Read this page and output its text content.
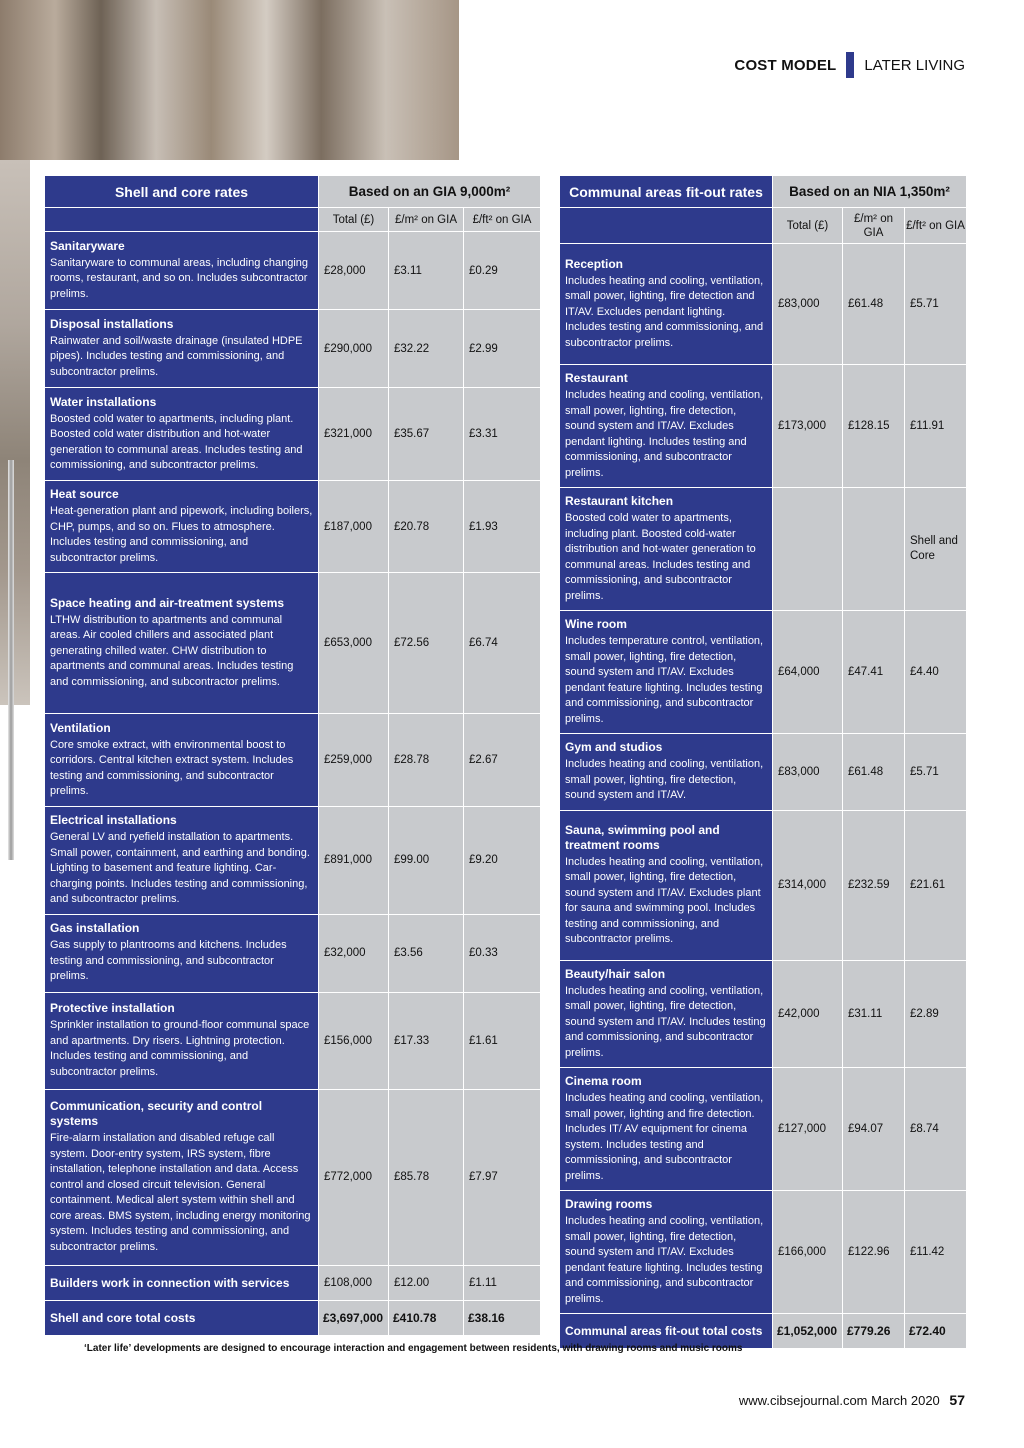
COST MODEL LATER LIVING
Shell and core rates	Based on an GIA 9,000m²		
	Total (£)	£/m² on GIA	£/ft² on GIA

Sanitaryware
Sanitaryware to communal areas, including changing rooms, restaurant, and so on. Includes subcontractor prelims.	£28,000	£3.11	£0.29

Disposal installations
Rainwater and soil/waste drainage (insulated HDPE pipes). Includes testing and commissioning, and subcontractor prelims.	£290,000	£32.22	£2.99

Water installations
Boosted cold water to apartments, including plant. Boosted cold water distribution and hot-water generation to communal areas. Includes testing and commissioning, and subcontractor prelims.	£321,000	£35.67	£3.31

Heat source
Heat-generation plant and pipework, including boilers, CHP, pumps, and so on. Flues to atmosphere. Includes testing and commissioning, and subcontractor prelims.	£187,000	£20.78	£1.93

Space heating and air-treatment systems
LTHW distribution to apartments and communal areas. Air cooled chillers and associated plant generating chilled water. CHW distribution to apartments and communal areas. Includes testing and commissioning, and subcontractor prelims.	£653,000	£72.56	£6.74

Ventilation
Core smoke extract, with environmental boost to corridors. Central kitchen extract system. Includes testing and commissioning, and subcontractor prelims.	£259,000	£28.78	£2.67

Electrical installations
General LV and ryefield installation to apartments. Small power, containment, and earthing and bonding. Lighting to basement and feature lighting. Car-charging points. Includes testing and commissioning, and subcontractor prelims.	£891,000	£99.00	£9.20

Gas installation
Gas supply to plantrooms and kitchens. Includes testing and commissioning, and subcontractor prelims.	£32,000	£3.56	£0.33

Protective installation
Sprinkler installation to ground-floor communal space and apartments. Dry risers. Lightning protection. Includes testing and commissioning, and subcontractor prelims.	£156,000	£17.33	£1.61

Communication, security and control systems
Fire-alarm installation and disabled refuge call system. Door-entry system, IRS system, fibre installation, telephone installation and data. Access control and closed circuit television. General containment. Medical alert system within shell and core areas. BMS system, including energy monitoring system. Includes testing and commissioning, and subcontractor prelims.	£772,000	£85.78	£7.97
Builders work in connection with services	£108,000	£12.00	£1.11
Shell and core total costs	£3,697,000	£410.78	£38.16
Communal areas fit-out rates	Based on an NIA 1,350m²		
	Total (£)	£/m² on GIA	£/ft² on GIA

Reception
Includes heating and cooling, ventilation, small power, lighting, fire detection and IT/AV. Excludes pendant lighting. Includes testing and commissioning, and subcontractor prelims.	£83,000	£61.48	£5.71

Restaurant
Includes heating and cooling, ventilation, small power, lighting, fire detection, sound system and IT/AV. Excludes pendant lighting. Includes testing and commissioning, and subcontractor prelims.	£173,000	£128.15	£11.91

Restaurant kitchen
Boosted cold water to apartments, including plant. Boosted cold-water distribution and hot-water generation to communal areas. Includes testing and commissioning, and subcontractor prelims.			Shell and Core

Wine room
Includes temperature control, ventilation, small power, lighting, fire detection, sound system and IT/AV. Excludes pendant feature lighting. Includes testing and commissioning, and subcontractor prelims.	£64,000	£47.41	£4.40

Gym and studios
Includes heating and cooling, ventilation, small power, lighting, fire detection, sound system and IT/AV.	£83,000	£61.48	£5.71

Sauna, swimming pool and treatment rooms
Includes heating and cooling, ventilation, small power, lighting, fire detection, sound system and IT/AV. Excludes plant for sauna and swimming pool. Includes testing and commissioning, and subcontractor prelims.	£314,000	£232.59	£21.61

Beauty/hair salon
Includes heating and cooling, ventilation, small power, lighting, fire detection, sound system and IT/AV. Includes testing and commissioning, and subcontractor prelims.	£42,000	£31.11	£2.89

Cinema room
Includes heating and cooling, ventilation, small power, lighting and fire detection. Includes IT/ AV equipment for cinema system. Includes testing and commissioning, and subcontractor prelims.	£127,000	£94.07	£8.74

Drawing rooms
Includes heating and cooling, ventilation, small power, lighting, fire detection, sound system and IT/AV. Excludes pendant feature lighting. Includes testing and commissioning, and subcontractor prelims.	£166,000	£122.96	£11.42
Communal areas fit-out total costs	£1,052,000	£779.26	£72.40
‘Later life’ developments are designed to encourage interaction and engagement between residents, with drawing rooms and music rooms
www.cibsejournal.com March 2020 57
